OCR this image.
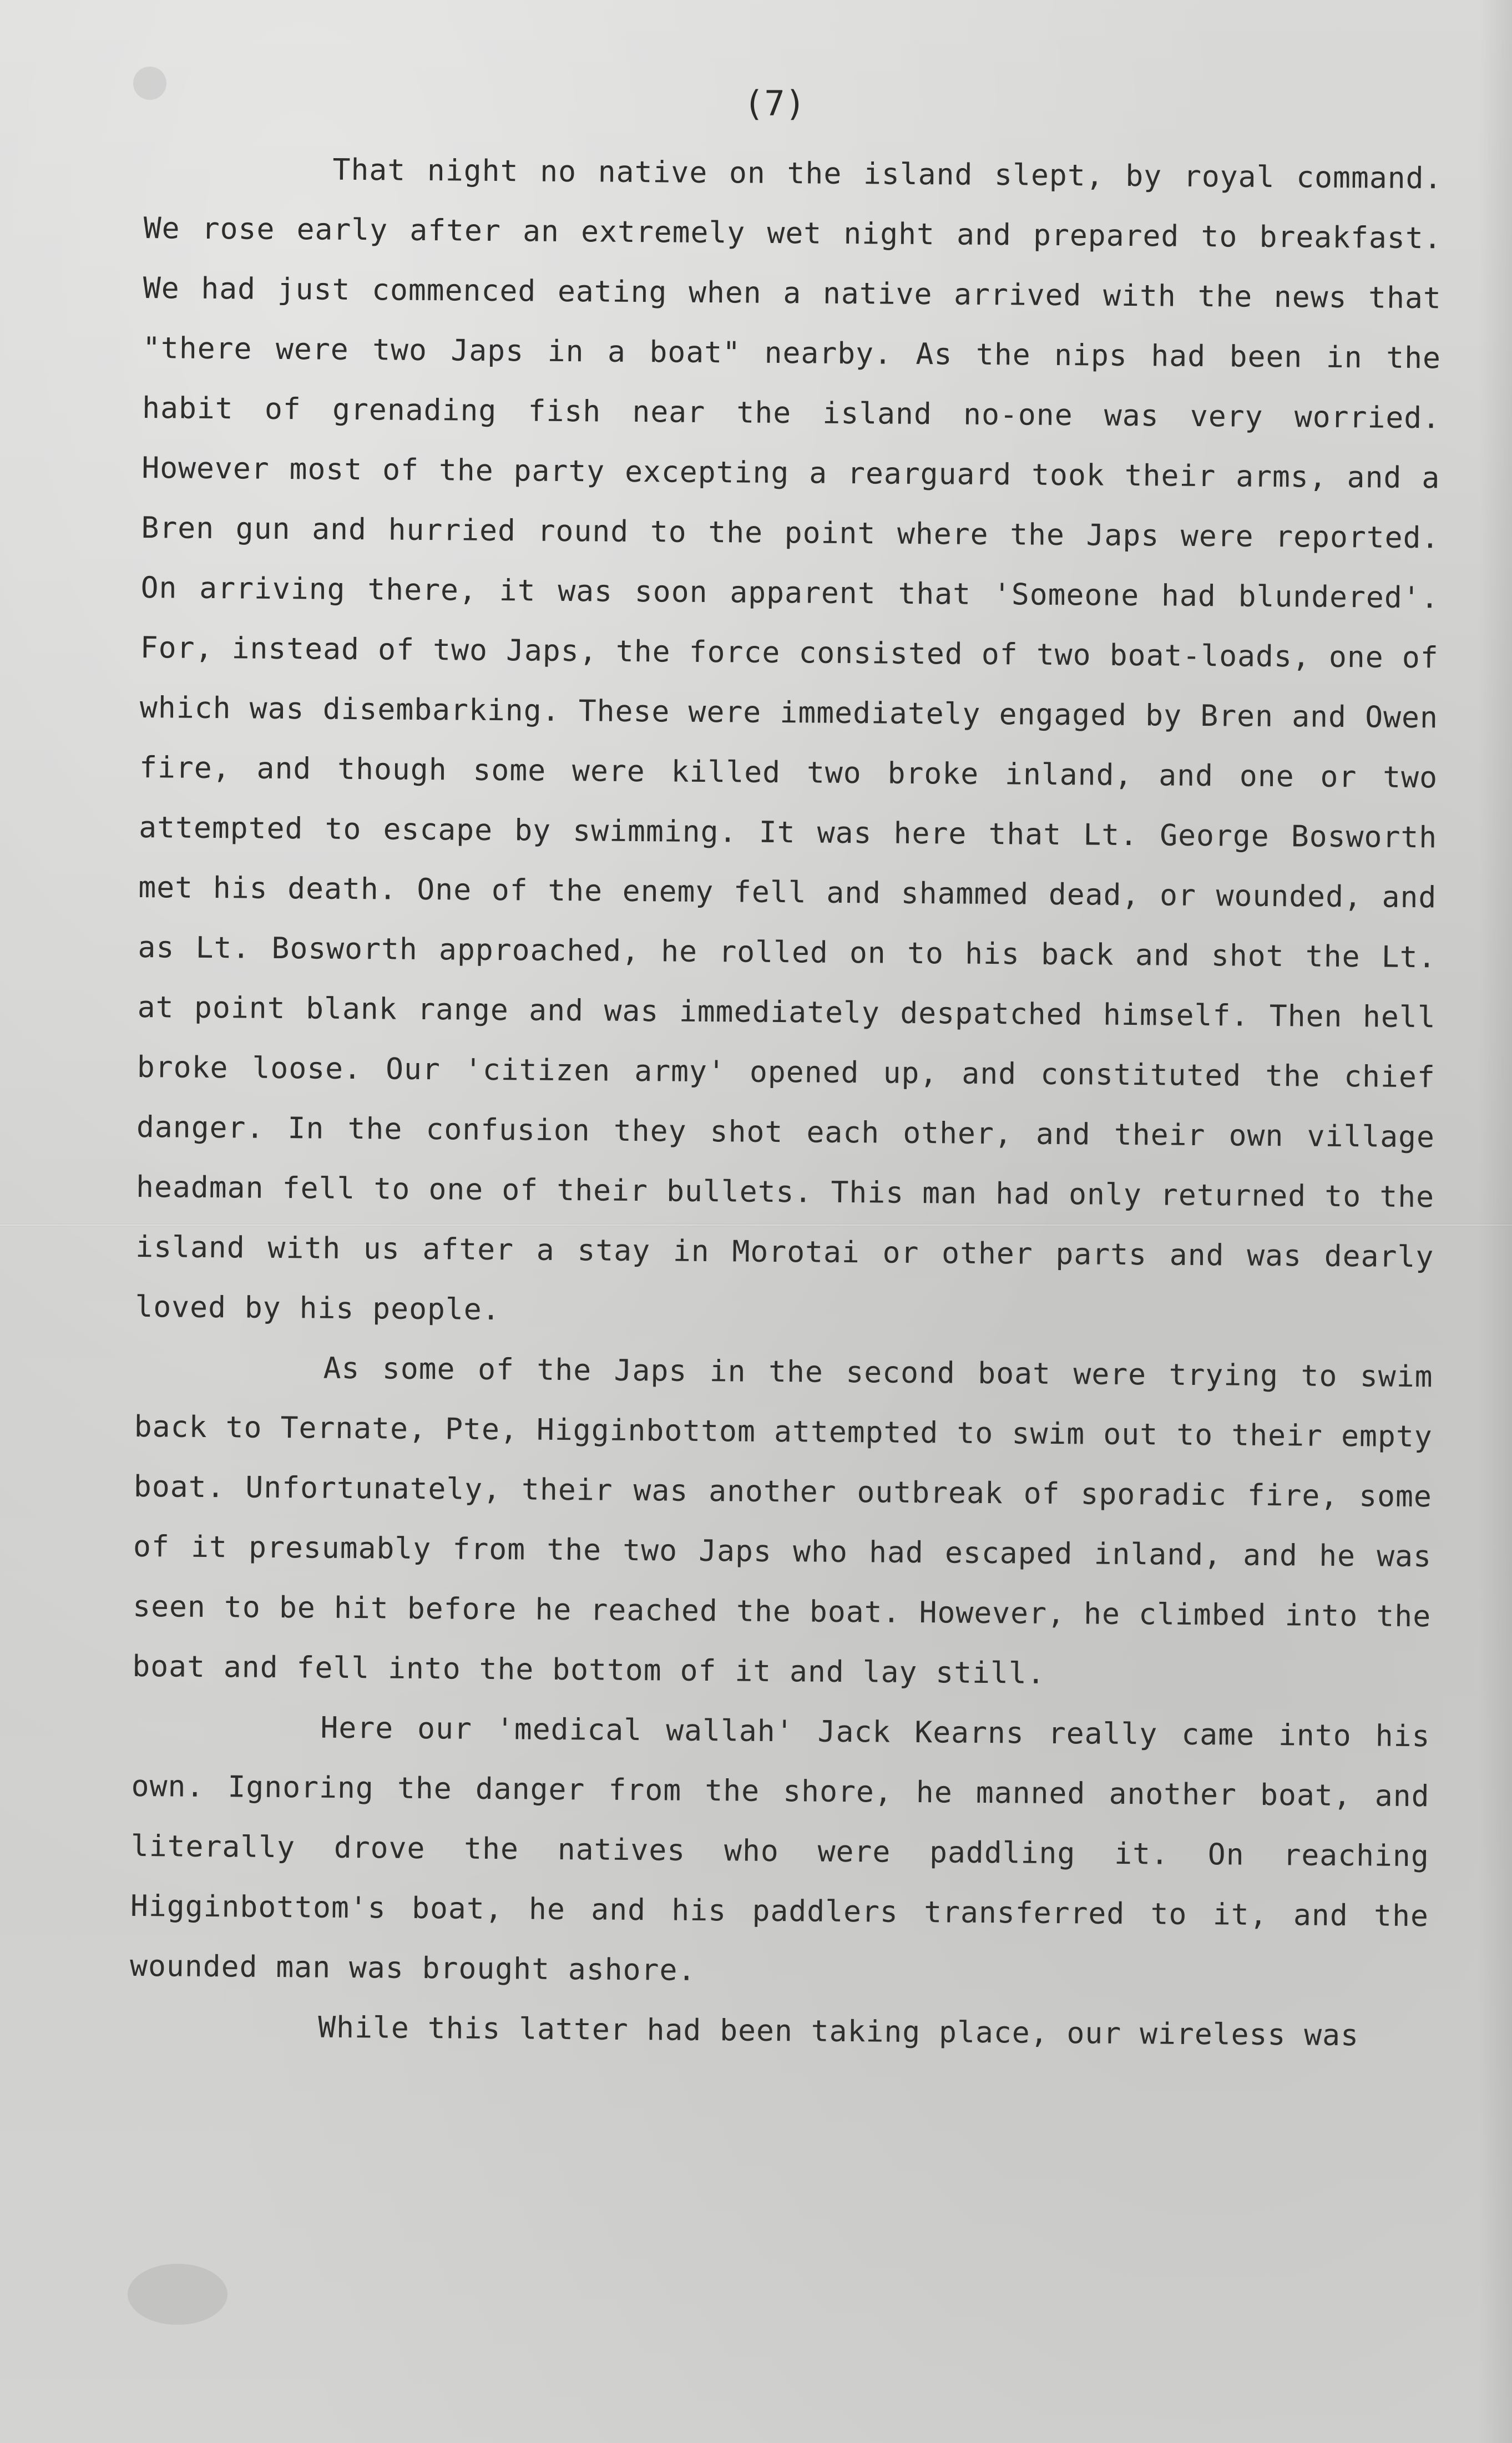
(7)

That night no native on the island slept, by royal command. We rose early after an extremely wet night and prepared to breakfast. We had just commenced eating when a native arrived with the news that "there were two Japs in a boat" nearby. As the nips had been in the habit of grenading fish near the island no-one was very worried. However most of the party excepting a rearguard took their arms, and a Bren gun and hurried round to the point where the Japs were reported. On arriving there, it was soon apparent that 'Someone had blundered'. For, instead of two Japs, the force consisted of two boat-loads, one of which was disembarking. These were immediately engaged by Bren and Owen fire, and though some were killed two broke inland, and one or two attempted to escape by swimming. It was here that Lt. George Bosworth met his death. One of the enemy fell and shammed dead, or wounded, and as Lt. Bosworth approached, he rolled on to his back and shot the Lt. at point blank range and was immediately despatched himself. Then hell broke loose. Our 'citizen army' opened up, and constituted the chief danger. In the confusion they shot each other, and their own village headman fell to one of their bullets. This man had only returned to the island with us after a stay in Morotai or other parts and was dearly loved by his people.

As some of the Japs in the second boat were trying to swim back to Ternate, Pte, Higginbottom attempted to swim out to their empty boat. Unfortunately, their was another outbreak of sporadic fire, some of it presumably from the two Japs who had escaped inland, and he was seen to be hit before he reached the boat. However, he climbed into the boat and fell into the bottom of it and lay still.

Here our 'medical wallah' Jack Kearns really came into his own. Ignoring the danger from the shore, he manned another boat, and literally drove the natives who were paddling it. On reaching Higginbottom's boat, he and his paddlers transferred to it, and the wounded man was brought ashore.

While this latter had been taking place, our wireless was
